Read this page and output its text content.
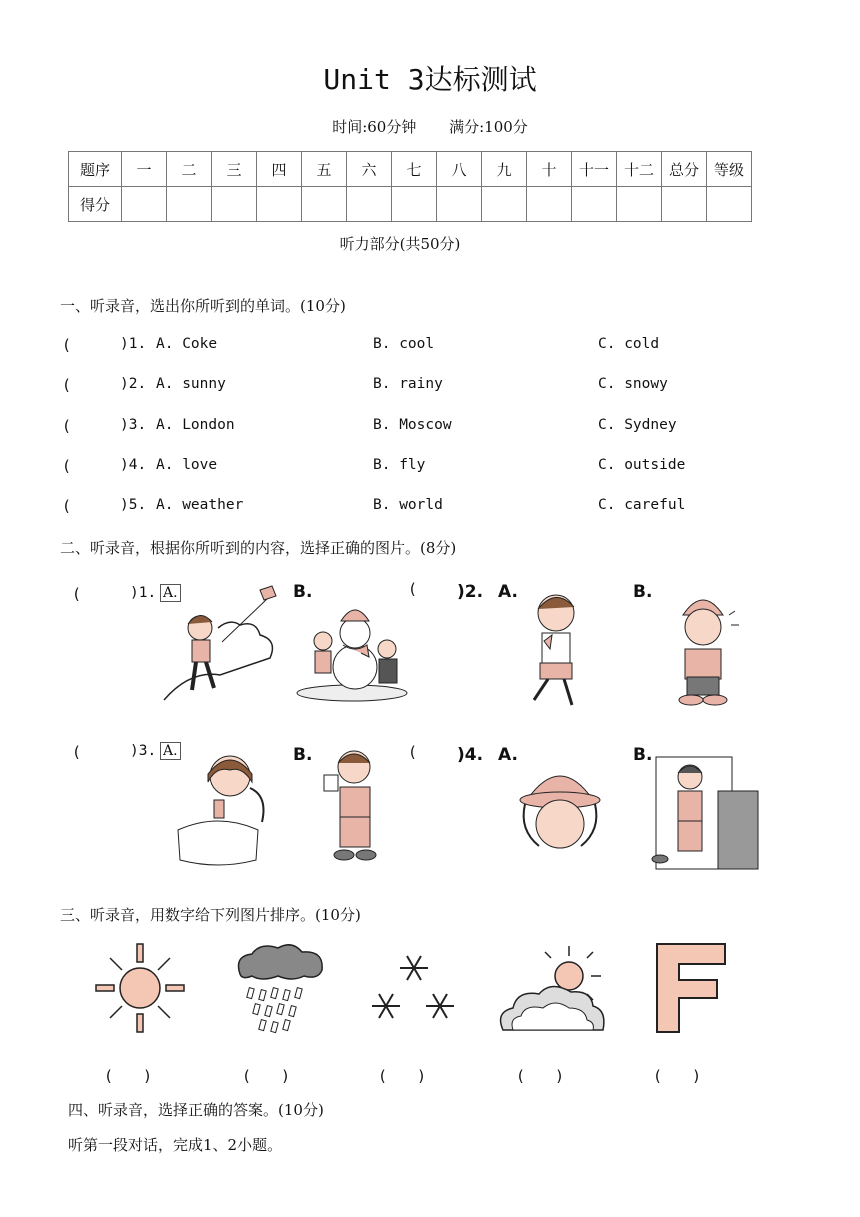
Unit 3达标测试
时间:60分钟 满分:100分
题序	一	二	三	四	五	六	七	八	九	十	十一	十二	总分	等级
得分														
听力部分(共50分)
一、听录音，选出你所听到的单词。(10分)
(	)1. A. Coke	B. cool	C. cold
(	)2. A. sunny	B. rainy	C. snowy
(	)3. A. London	B. Moscow	C. Sydney
(	)4. A. love	B. fly	C. outside
(	)5. A. weather	B. world	C. careful
二、听录音，根据你所听到的内容，选择正确的图片。(8分)
(	)1. A.	B.	( )2. A.	B.
(	)3. A.	B.	( )4. A.	B.
三、听录音，用数字给下列图片排序。(10分)
(　　)	(　　)	(　　)	(　　)	(　　)
四、听录音，选择正确的答案。(10分)
听第一段对话，完成1、2小题。
